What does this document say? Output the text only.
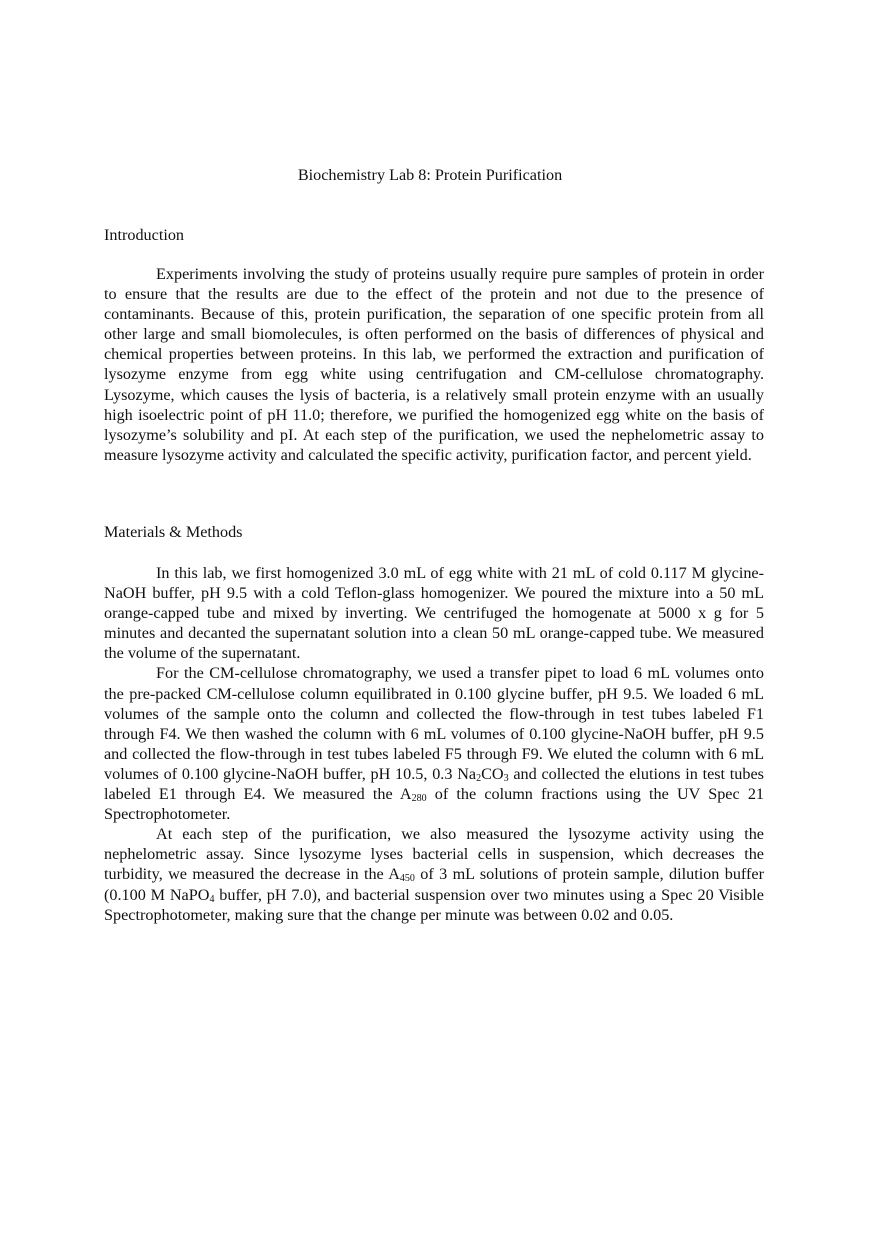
Biochemistry Lab 8: Protein Purification
Introduction

Experiments involving the study of proteins usually require pure samples of protein in order to ensure that the results are due to the effect of the protein and not due to the presence of contaminants. Because of this, protein purification, the separation of one specific protein from all other large and small biomolecules, is often performed on the basis of differences of physical and chemical properties between proteins. In this lab, we performed the extraction and purification of lysozyme enzyme from egg white using centrifugation and CM-cellulose chromatography. Lysozyme, which causes the lysis of bacteria, is a relatively small protein enzyme with an usually high isoelectric point of pH 11.0; therefore, we purified the homogenized egg white on the basis of lysozyme’s solubility and pI. At each step of the purification, we used the nephelometric assay to measure lysozyme activity and calculated the specific activity, purification factor, and percent yield.

Materials & Methods

In this lab, we first homogenized 3.0 mL of egg white with 21 mL of cold 0.117 M glycine-NaOH buffer, pH 9.5 with a cold Teflon-glass homogenizer. We poured the mixture into a 50 mL orange-capped tube and mixed by inverting. We centrifuged the homogenate at 5000 x g for 5 minutes and decanted the supernatant solution into a clean 50 mL orange-capped tube. We measured the volume of the supernatant.

For the CM-cellulose chromatography, we used a transfer pipet to load 6 mL volumes onto the pre-packed CM-cellulose column equilibrated in 0.100 glycine buffer, pH 9.5. We loaded 6 mL volumes of the sample onto the column and collected the flow-through in test tubes labeled F1 through F4. We then washed the column with 6 mL volumes of 0.100 glycine-NaOH buffer, pH 9.5 and collected the flow-through in test tubes labeled F5 through F9. We eluted the column with 6 mL volumes of 0.100 glycine-NaOH buffer, pH 10.5, 0.3 $Na_2CO_3$ and collected the elutions in test tubes labeled E1 through E4. We measured the $A_{280}$ of the column fractions using the UV Spec 21 Spectrophotometer.

At each step of the purification, we also measured the lysozyme activity using the nephelometric assay. Since lysozyme lyses bacterial cells in suspension, which decreases the turbidity, we measured the decrease in the $A_{450}$ of 3 mL solutions of protein sample, dilution buffer (0.100 M NaPO$_4$ buffer, pH 7.0), and bacterial suspension over two minutes using a Spec 20 Visible Spectrophotometer, making sure that the change per minute was between 0.02 and 0.05.
